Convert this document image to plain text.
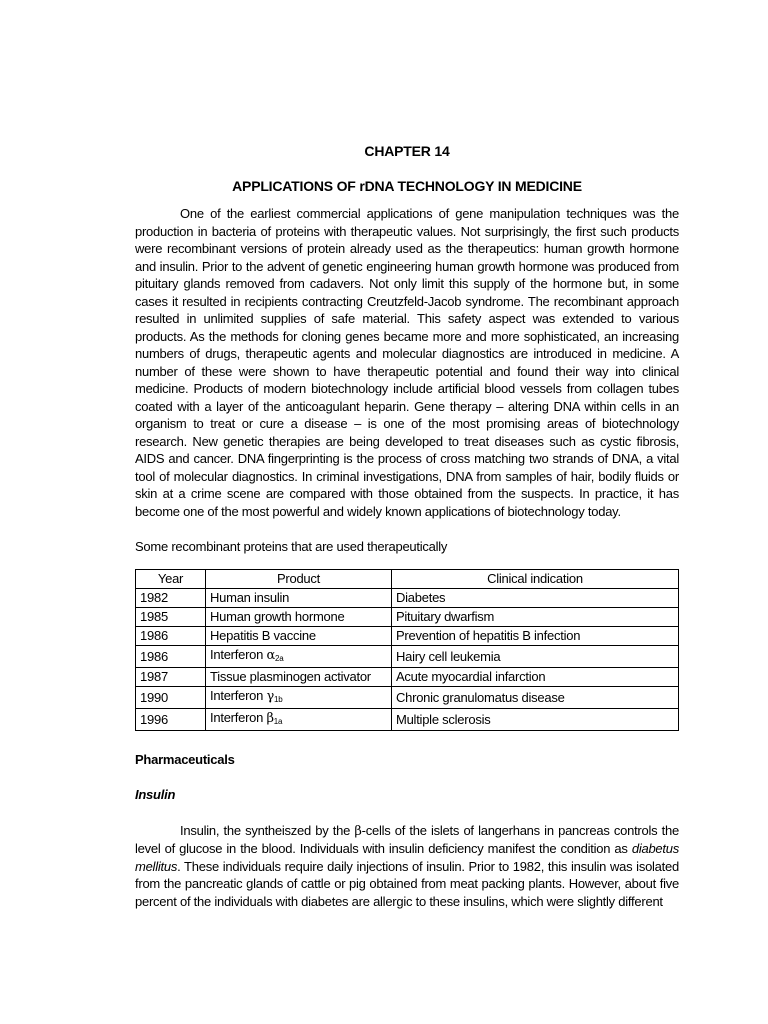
CHAPTER 14
APPLICATIONS OF rDNA TECHNOLOGY IN MEDICINE

One of the earliest commercial applications of gene manipulation techniques was the production in bacteria of proteins with therapeutic values. Not surprisingly, the first such products were recombinant versions of protein already used as the therapeutics: human growth hormone and insulin. Prior to the advent of genetic engineering human growth hormone was produced from pituitary glands removed from cadavers. Not only limit this supply of the hormone but, in some cases it resulted in recipients contracting Creutzfeld-Jacob syndrome. The recombinant approach resulted in unlimited supplies of safe material. This safety aspect was extended to various products. As the methods for cloning genes became more and more sophisticated, an increasing numbers of drugs, therapeutic agents and molecular diagnostics are introduced in medicine. A number of these were shown to have therapeutic potential and found their way into clinical medicine. Products of modern biotechnology include artificial blood vessels from collagen tubes coated with a layer of the anticoagulant heparin. Gene therapy – altering DNA within cells in an organism to treat or cure a disease – is one of the most promising areas of biotechnology research. New genetic therapies are being developed to treat diseases such as cystic fibrosis, AIDS and cancer. DNA fingerprinting is the process of cross matching two strands of DNA, a vital tool of molecular diagnostics. In criminal investigations, DNA from samples of hair, bodily fluids or skin at a crime scene are compared with those obtained from the suspects. In practice, it has become one of the most powerful and widely known applications of biotechnology today.

Some recombinant proteins that are used therapeutically

Year	Product	Clinical indication
1982	Human insulin	Diabetes
1985	Human growth hormone	Pituitary dwarfism
1986	Hepatitis B vaccine	Prevention of hepatitis B infection
1986	Interferon $\alpha_{2a}$	Hairy cell leukemia
1987	Tissue plasminogen activator	Acute myocardial infarction
1990	Interferon $\gamma_{1b}$	Chronic granulomatus disease
1996	Interferon $\beta_{1a}$	Multiple sclerosis
Pharmaceuticals
Insulin

Insulin, the syntheiszed by the β-cells of the islets of langerhans in pancreas controls the level of glucose in the blood. Individuals with insulin deficiency manifest the condition as diabetus mellitus. These individuals require daily injections of insulin. Prior to 1982, this insulin was isolated from the pancreatic glands of cattle or pig obtained from meat packing plants. However, about five percent of the individuals with diabetes are allergic to these insulins, which were slightly different
